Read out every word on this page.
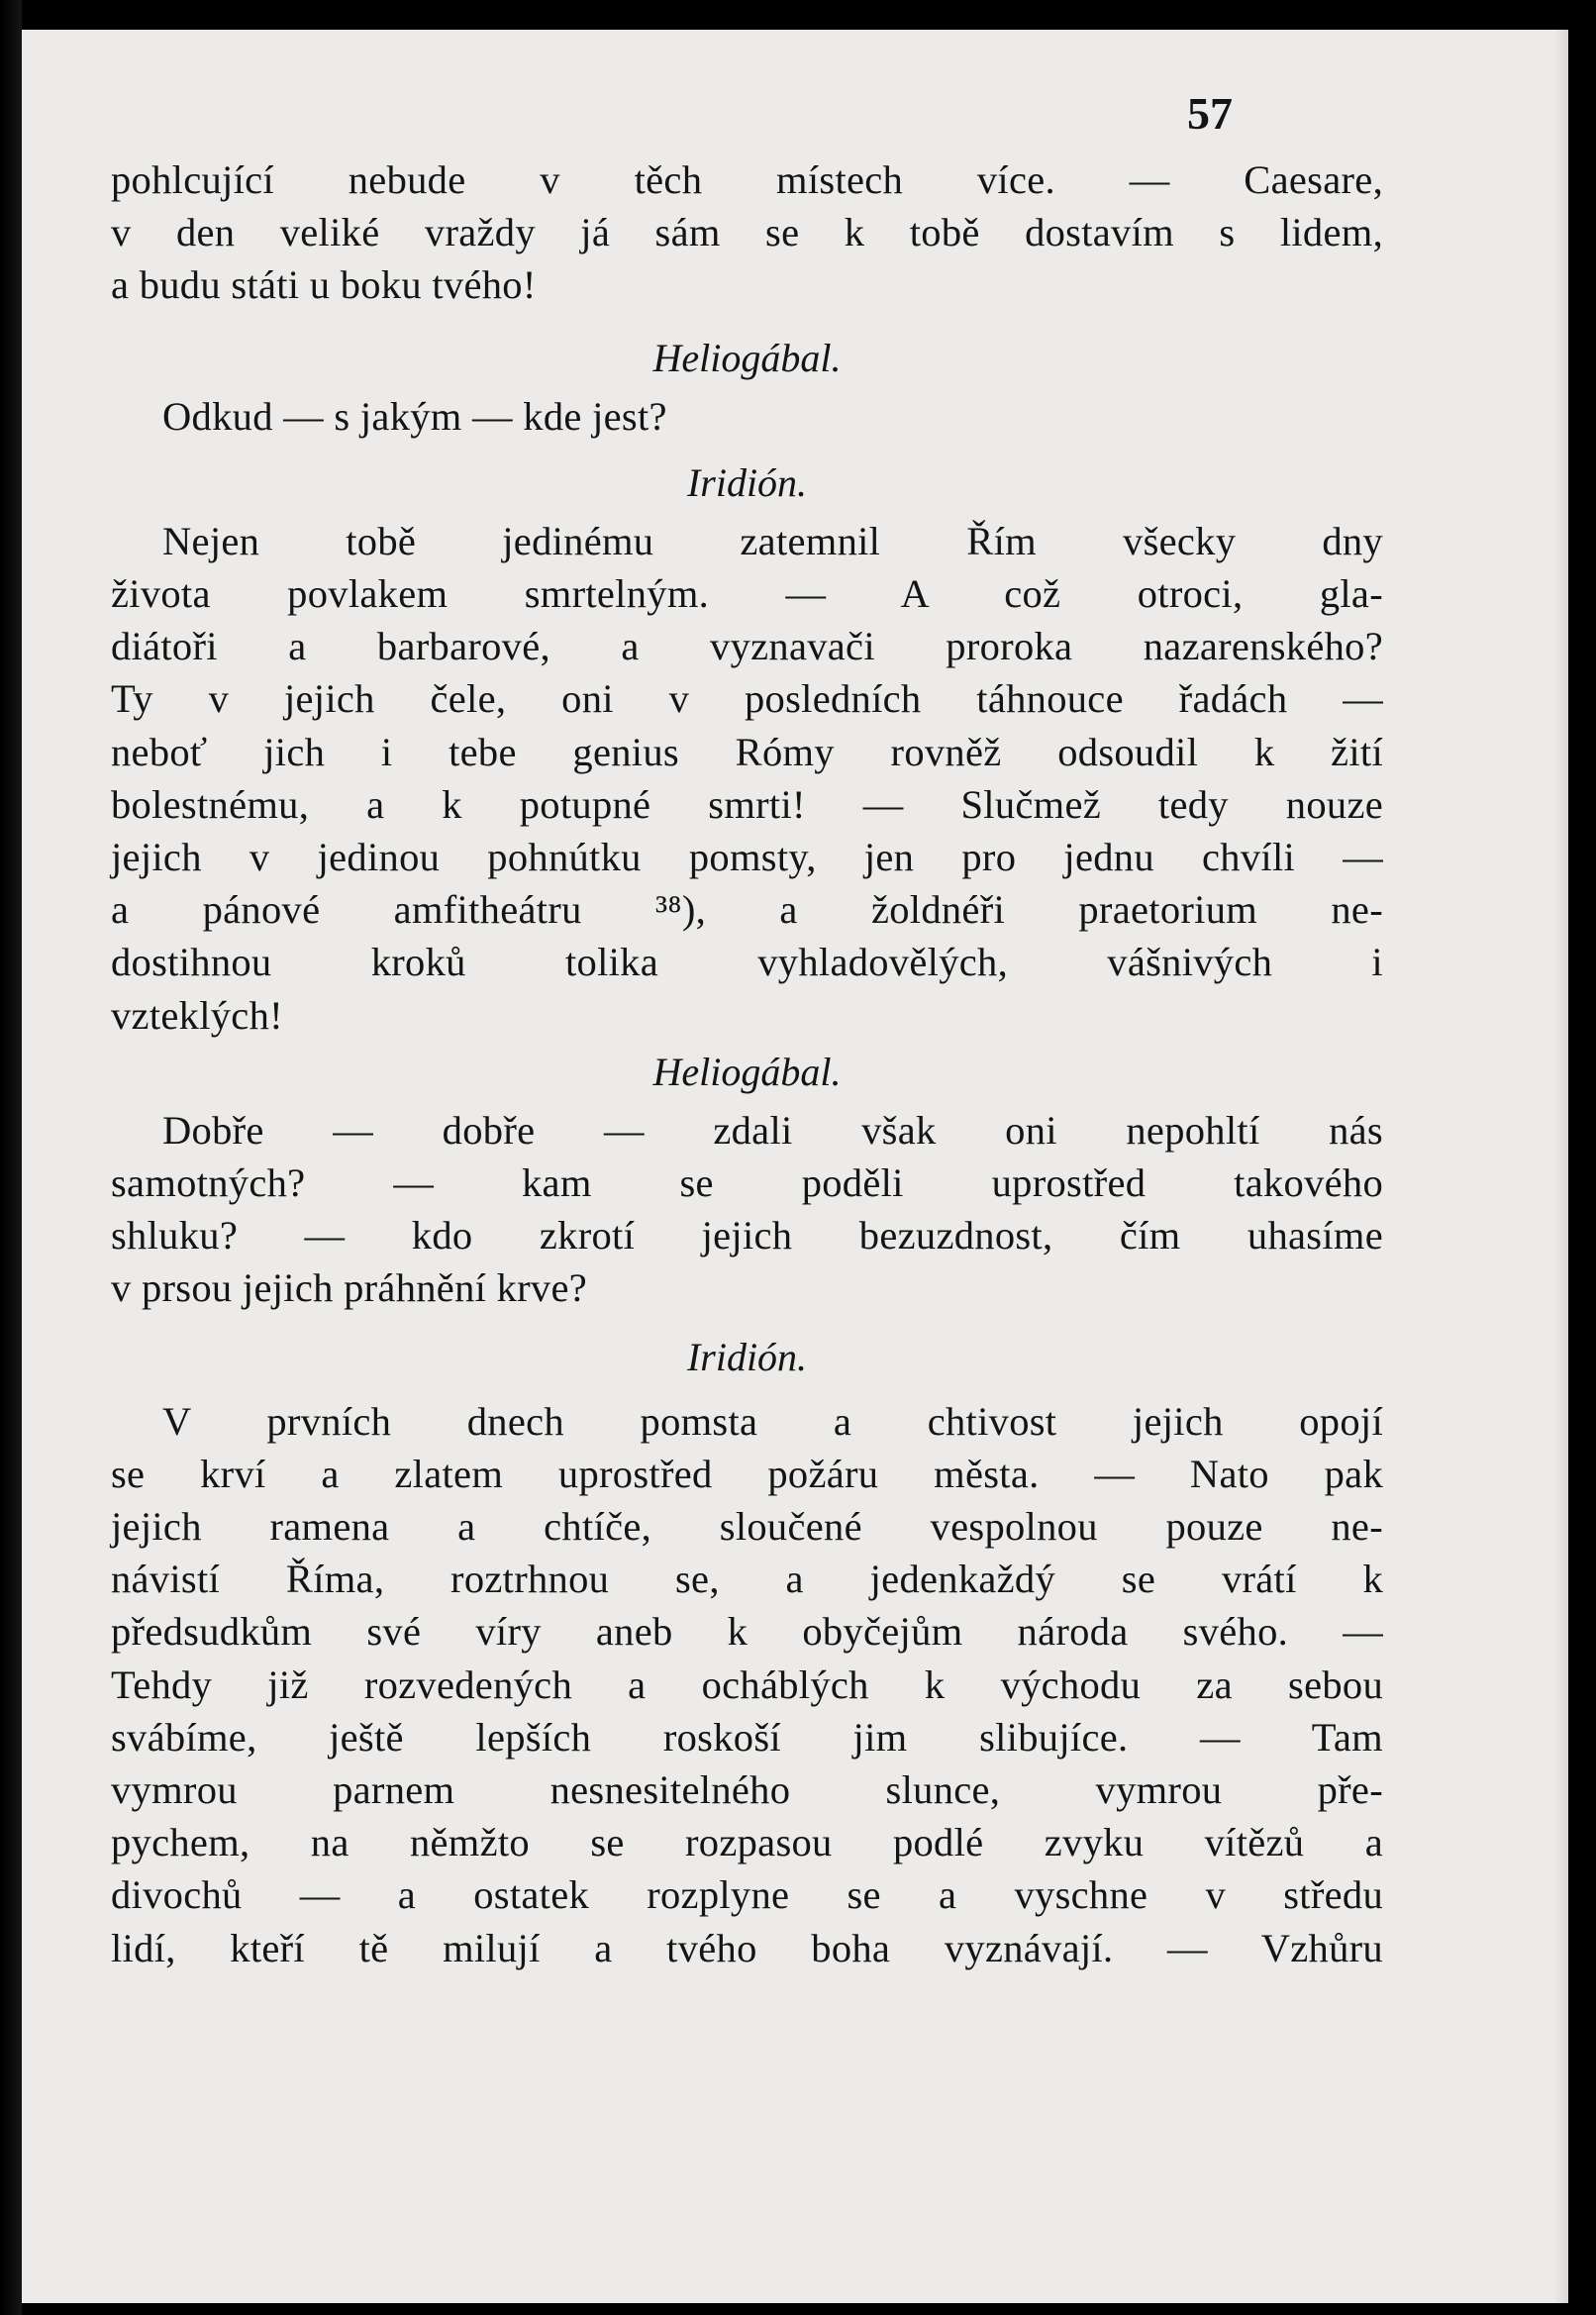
57

pohlcující nebude v těch místech více. — Caesare,
v den veliké vraždy já sám se k tobě dostavím s lidem,
a budu státi u boku tvého!

Heliogábal.

Odkud — s jakým — kde jest?

Iridión.

Nejen tobě jedinému zatemnil Řím všecky dny
života povlakem smrtelným. — A což otroci, gla-
diátoři a barbarové, a vyznavači proroka nazarenského?
Ty v jejich čele, oni v posledních táhnouce řadách —
neboť jich i tebe genius Rómy rovněž odsoudil k žití
bolestnému, a k potupné smrti! — Slučmež tedy nouze
jejich v jedinou pohnútku pomsty, jen pro jednu chvíli —
a pánové amfitheátru ³⁸), a žoldnéři praetorium ne-
dostihnou kroků tolika vyhladovělých, vášnivých i
vzteklých!

Heliogábal.

Dobře — dobře — zdali však oni nepohltí nás
samotných? — kam se poděli uprostřed takového
shluku? — kdo zkrotí jejich bezuzdnost, čím uhasíme
v prsou jejich práhnění krve?

Iridión.

V prvních dnech pomsta a chtivost jejich opojí
se krví a zlatem uprostřed požáru města. — Nato pak
jejich ramena a chtíče, sloučené vespolnou pouze ne-
návistí Říma, roztrhnou se, a jedenkaždý se vrátí k
předsudkům své víry aneb k obyčejům národa svého. —
Tehdy již rozvedených a ocháblých k východu za sebou
svábíme, ještě lepších roskoší jim slibujíce. — Tam
vymrou parnem nesnesitelného slunce, vymrou pře-
pychem, na němžto se rozpasou podlé zvyku vítězů a
divochů — a ostatek rozplyne se a vyschne v středu
lidí, kteří tě milují a tvého boha vyznávají. — Vzhůru
